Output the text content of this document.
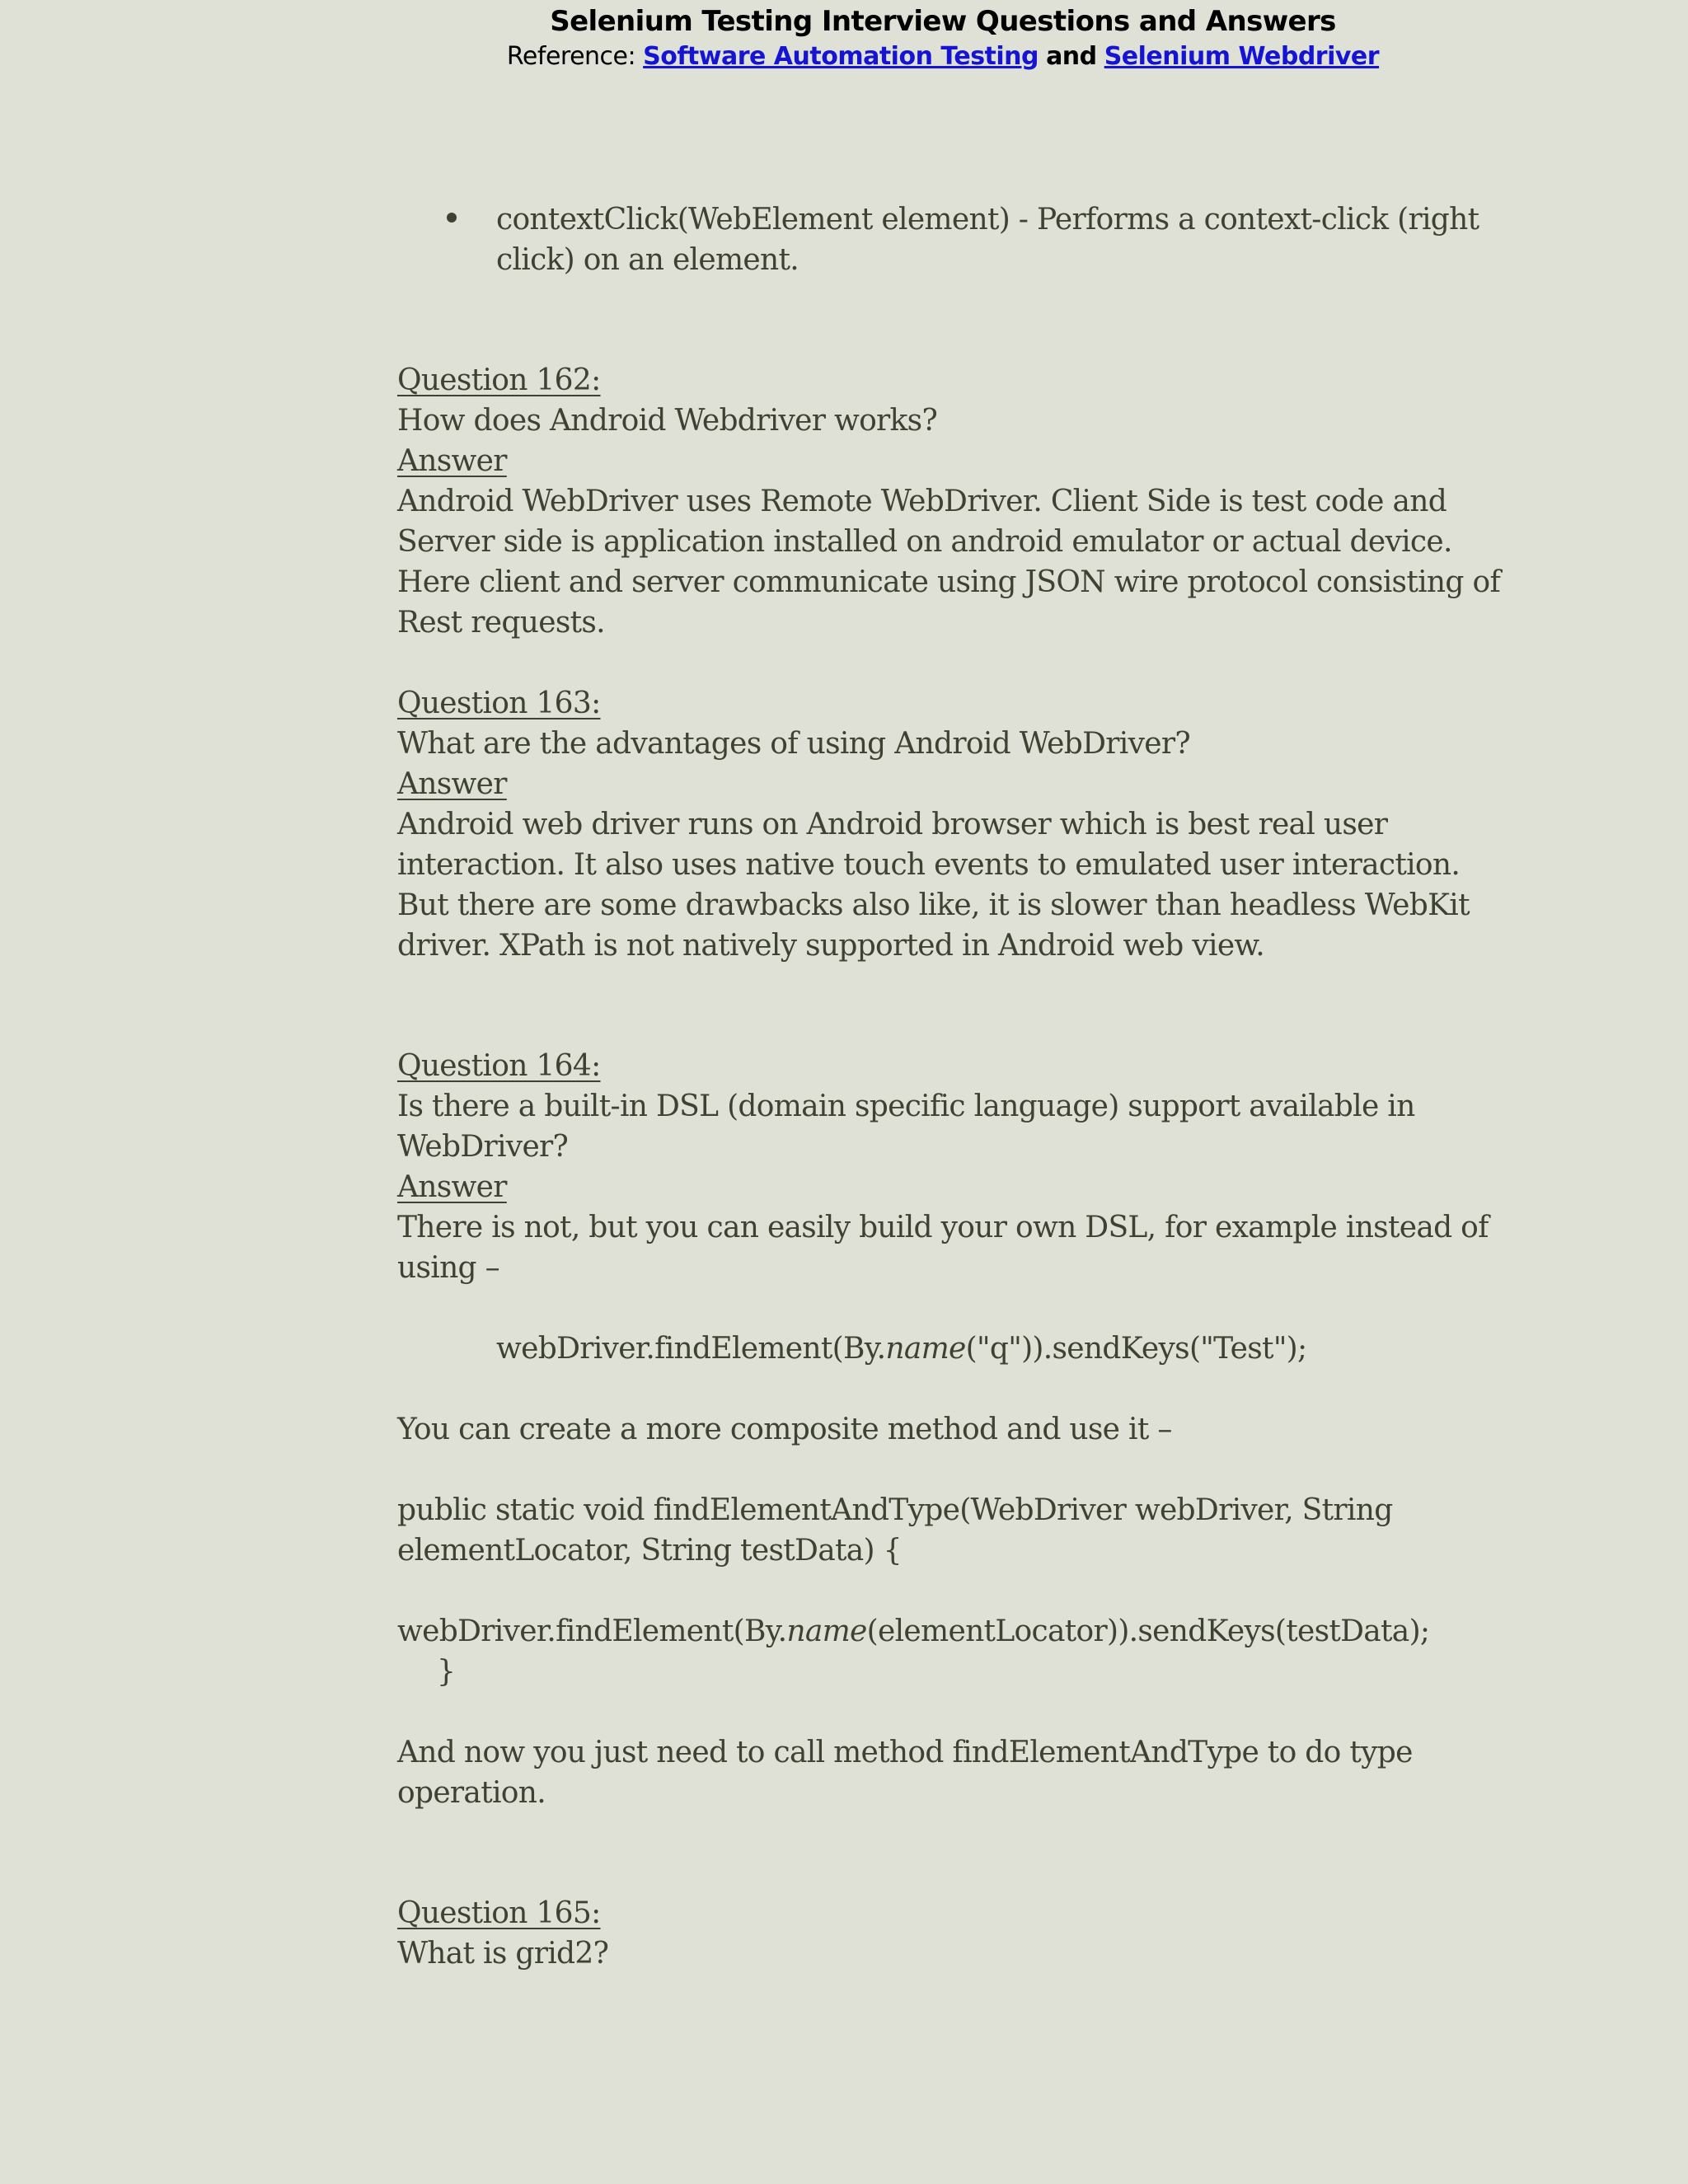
Selenium Testing Interview Questions and Answers
Reference: Software Automation Testing and Selenium Webdriver
contextClick(WebElement element) - Performs a context-click (right
click) on an element.
Question 162:
How does Android Webdriver works?
Answer
Android WebDriver uses Remote WebDriver. Client Side is test code and
Server side is application installed on android emulator or actual device.
Here client and server communicate using JSON wire protocol consisting of
Rest requests.
Question 163:
What are the advantages of using Android WebDriver?
Answer
Android web driver runs on Android browser which is best real user
interaction. It also uses native touch events to emulated user interaction.
But there are some drawbacks also like, it is slower than headless WebKit
driver. XPath is not natively supported in Android web view.
Question 164:
Is there a built-in DSL (domain specific language) support available in
WebDriver?
Answer
There is not, but you can easily build your own DSL, for example instead of
using –
webDriver.findElement(By.name("q")).sendKeys("Test");
You can create a more composite method and use it –
public static void findElementAndType(WebDriver webDriver, String
elementLocator, String testData) {
webDriver.findElement(By.name(elementLocator)).sendKeys(testData);
}
And now you just need to call method findElementAndType to do type
operation.
Question 165:
What is grid2?
